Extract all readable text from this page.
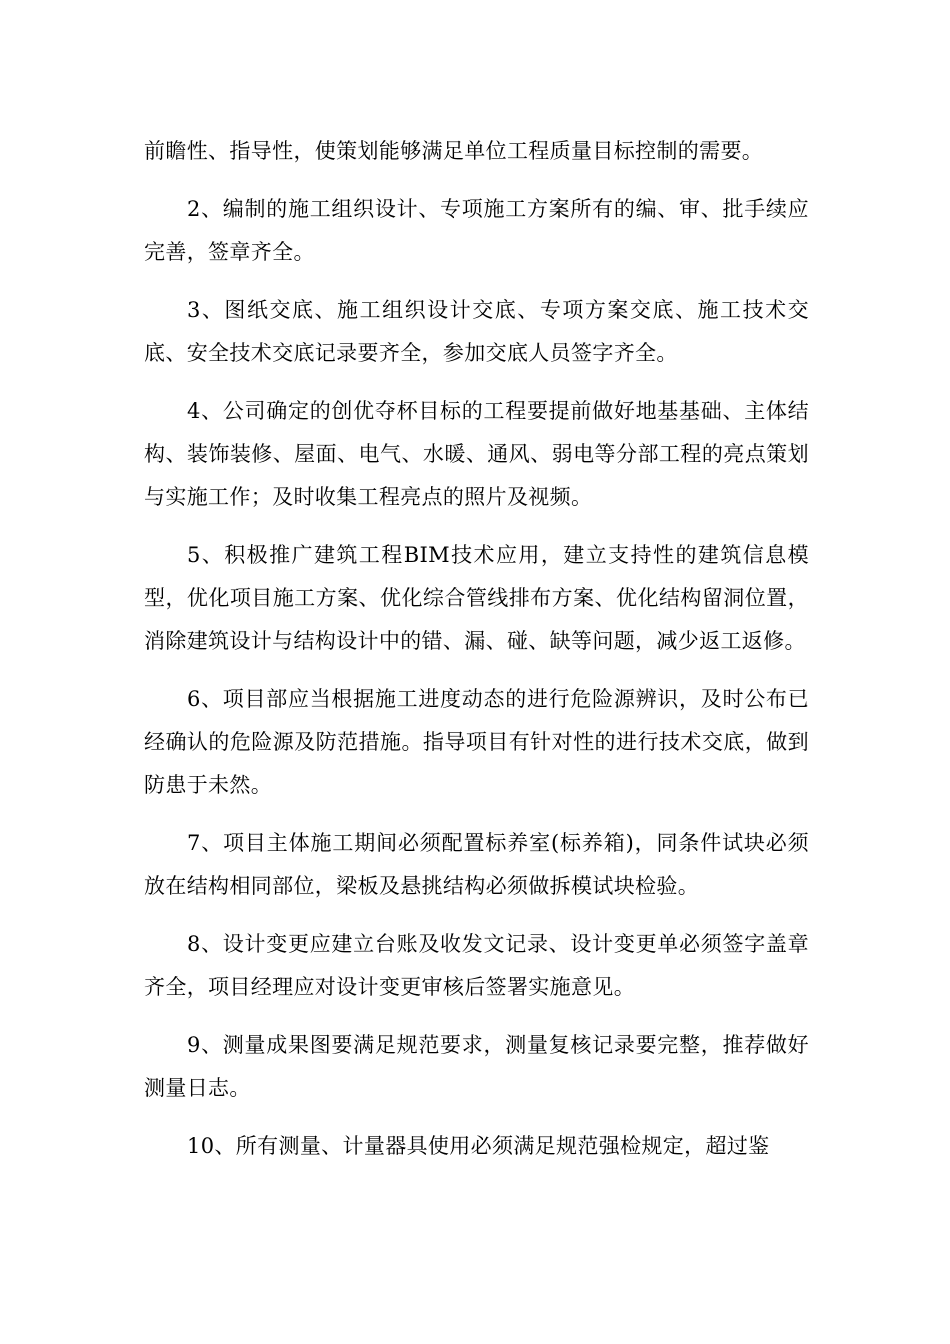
前瞻性、指导性，使策划能够满足单位工程质量目标控制的需要。

2、编制的施工组织设计、专项施工方案所有的编、审、批手续应完善，签章齐全。

3、图纸交底、施工组织设计交底、专项方案交底、施工技术交底、安全技术交底记录要齐全，参加交底人员签字齐全。

4、公司确定的创优夺杯目标的工程要提前做好地基基础、主体结构、装饰装修、屋面、电气、水暖、通风、弱电等分部工程的亮点策划与实施工作；及时收集工程亮点的照片及视频。

5、积极推广建筑工程BIM技术应用，建立支持性的建筑信息模型，优化项目施工方案、优化综合管线排布方案、优化结构留洞位置，消除建筑设计与结构设计中的错、漏、碰、缺等问题，减少返工返修。

6、项目部应当根据施工进度动态的进行危险源辨识，及时公布已经确认的危险源及防范措施。指导项目有针对性的进行技术交底，做到防患于未然。

7、项目主体施工期间必须配置标养室(标养箱)，同条件试块必须放在结构相同部位，梁板及悬挑结构必须做拆模试块检验。

8、设计变更应建立台账及收发文记录、设计变更单必须签字盖章齐全，项目经理应对设计变更审核后签署实施意见。

9、测量成果图要满足规范要求，测量复核记录要完整，推荐做好测量日志。

10、所有测量、计量器具使用必须满足规范强检规定，超过鉴
